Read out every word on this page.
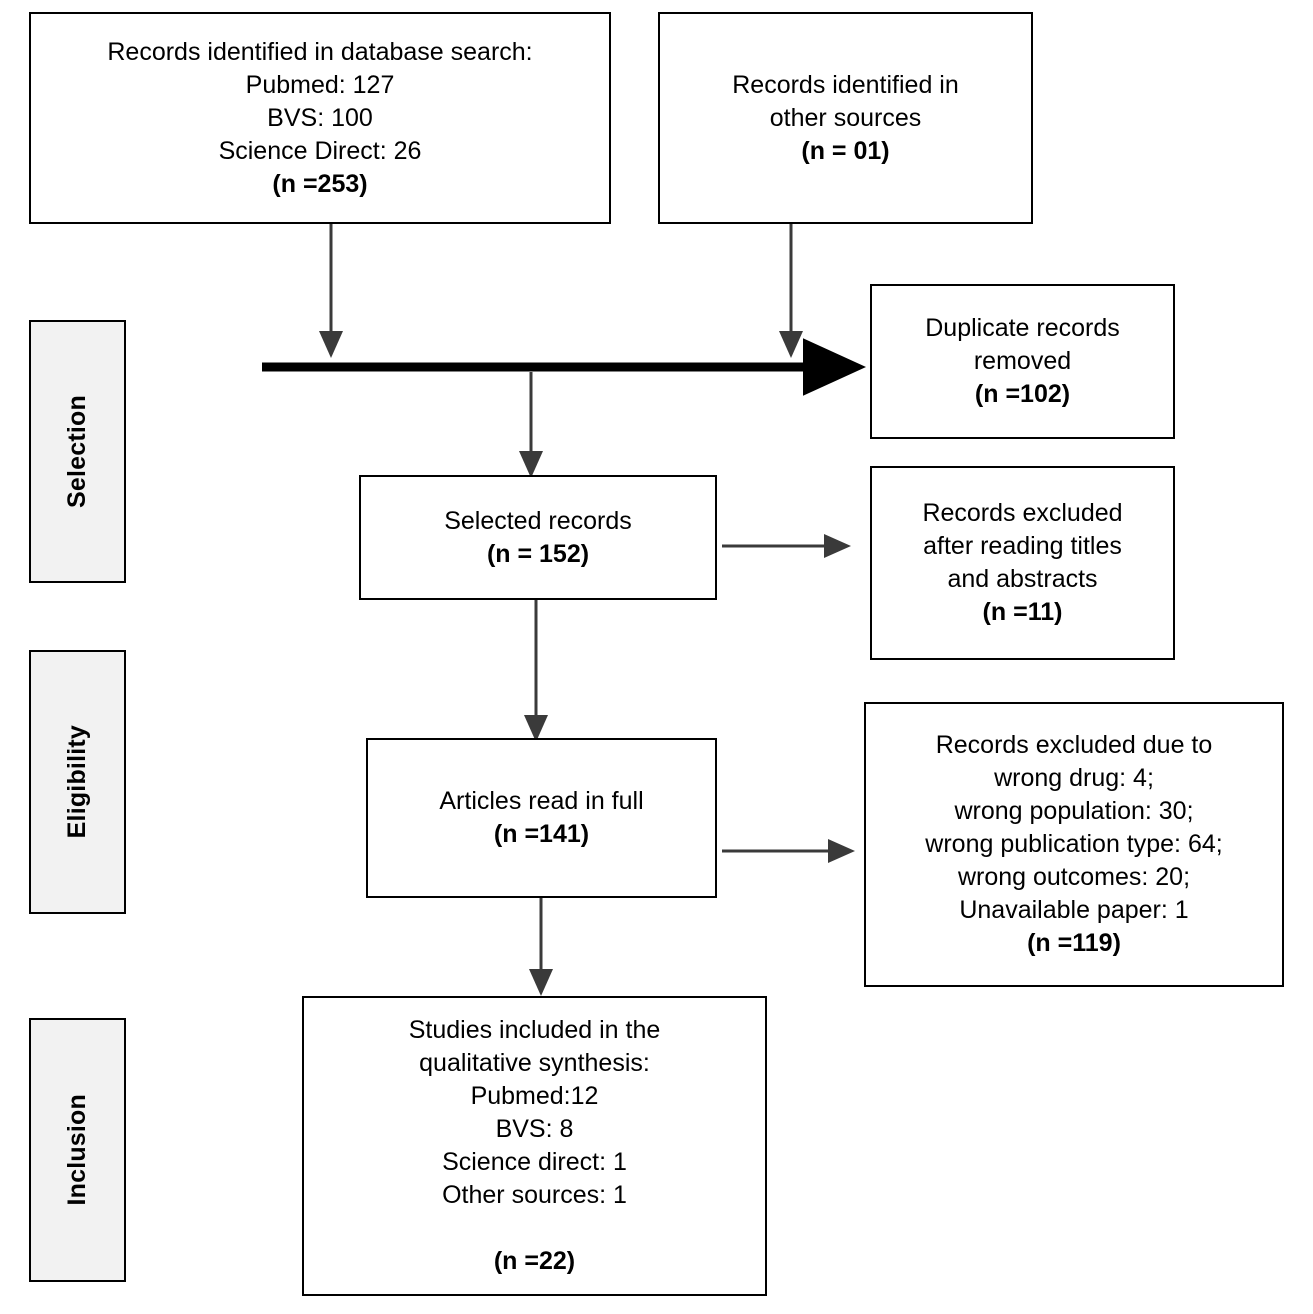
Selection
Eligibility
Inclusion
Records identified in database search:
Pubmed: 127
BVS: 100
Science Direct: 26
(n =253)
Records identified in
other sources
(n = 01)
Duplicate records
removed
(n =102)
Selected records
(n = 152)
Records excluded
after reading titles
and abstracts
(n =11)
Articles read in full
(n =141)
Records excluded due to
wrong drug: 4;
wrong population: 30;
wrong publication type: 64;
wrong outcomes: 20;
Unavailable paper: 1
(n =119)
Studies included in the
qualitative synthesis:
Pubmed:12
BVS: 8
Science direct: 1
Other sources: 1

(n =22)
